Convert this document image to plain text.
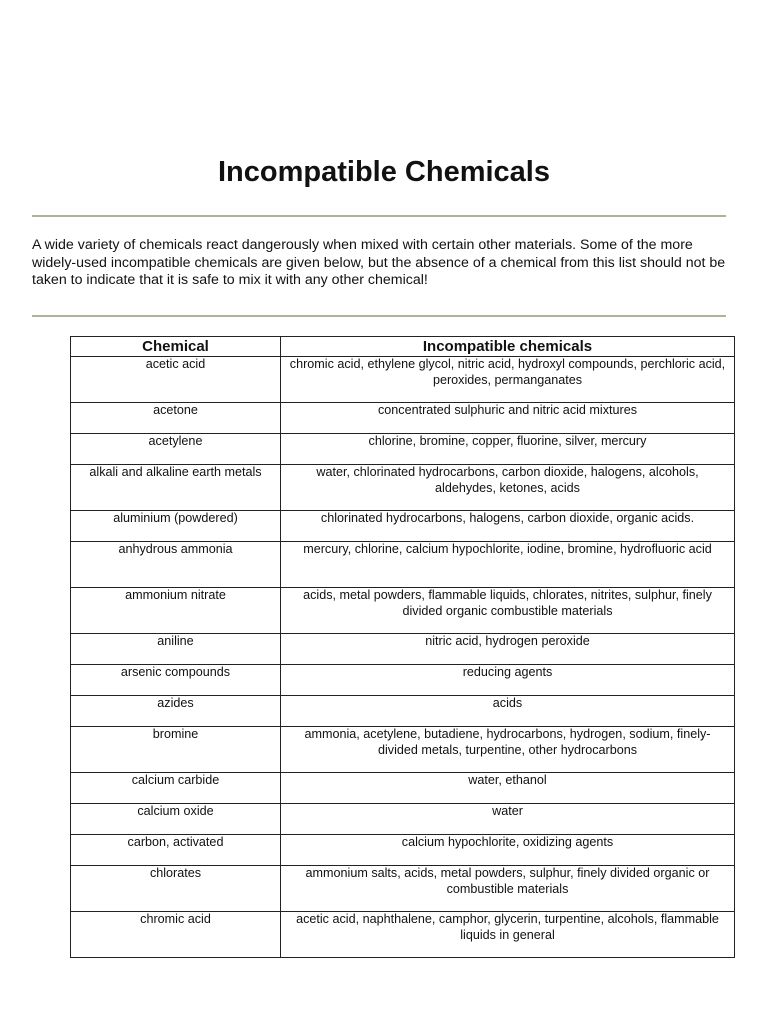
Incompatible Chemicals

A wide variety of chemicals react dangerously when mixed with certain other materials. Some of the more widely-used incompatible chemicals are given below, but the absence of a chemical from this list should not be taken to indicate that it is safe to mix it with any other chemical!

Chemical	Incompatible chemicals
acetic acid	chromic acid, ethylene glycol, nitric acid, hydroxyl compounds, perchloric acid, peroxides, permanganates
acetone	concentrated sulphuric and nitric acid mixtures
acetylene	chlorine, bromine, copper, fluorine, silver, mercury
alkali and alkaline earth metals	water, chlorinated hydrocarbons, carbon dioxide, halogens, alcohols, aldehydes, ketones, acids
aluminium (powdered)	chlorinated hydrocarbons, halogens, carbon dioxide, organic acids.
anhydrous ammonia	mercury, chlorine, calcium hypochlorite, iodine, bromine, hydrofluoric acid
ammonium nitrate	acids, metal powders, flammable liquids, chlorates, nitrites, sulphur, finely divided organic combustible materials
aniline	nitric acid, hydrogen peroxide
arsenic compounds	reducing agents
azides	acids
bromine	ammonia, acetylene, butadiene, hydrocarbons, hydrogen, sodium, finely-divided metals, turpentine, other hydrocarbons
calcium carbide	water, ethanol
calcium oxide	water
carbon, activated	calcium hypochlorite, oxidizing agents
chlorates	ammonium salts, acids, metal powders, sulphur, finely divided organic or combustible materials
chromic acid	acetic acid, naphthalene, camphor, glycerin, turpentine, alcohols, flammable liquids in general
